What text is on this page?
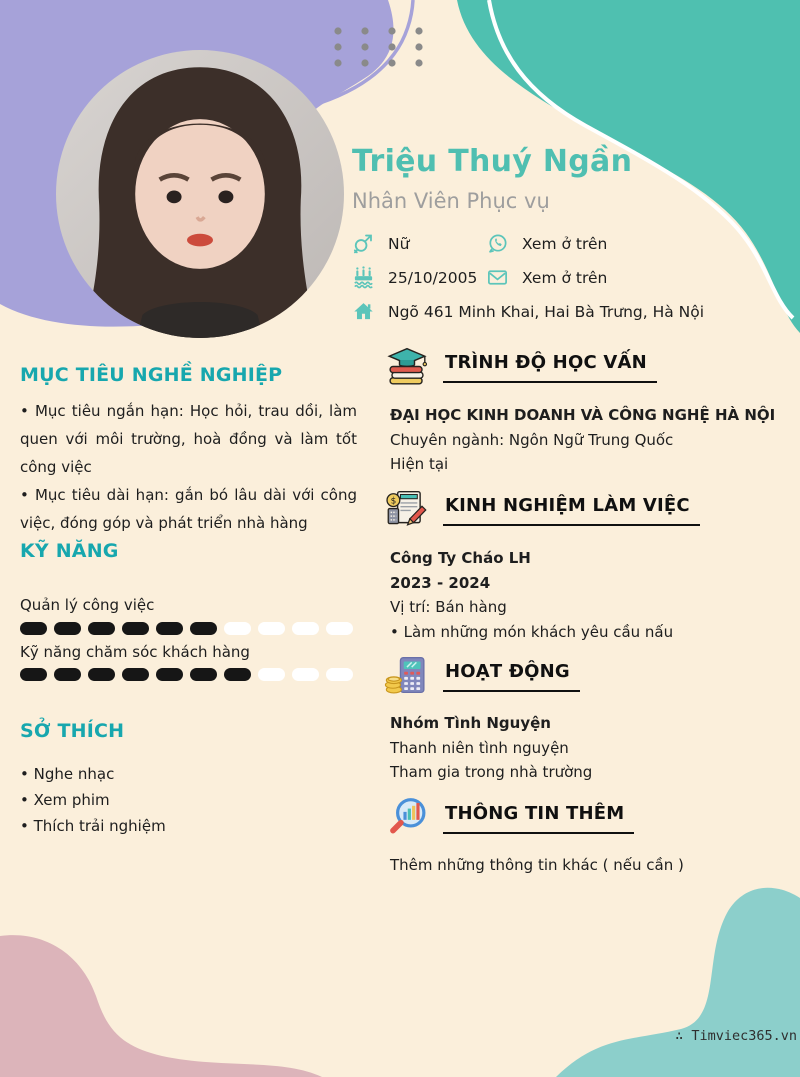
Triệu Thuý Ngần
Nhân Viên Phục vụ
Nữ	Xem ở trên
25/10/2005	Xem ở trên
Ngõ 461 Minh Khai, Hai Bà Trưng, Hà Nội
MỤC TIÊU NGHỀ NGHIỆP

• Mục tiêu ngắn hạn: Học hỏi, trau dồi, làm quen với môi trường, hoà đồng và làm tốt công việc

• Mục tiêu dài hạn: gắn bó lâu dài với công việc, đóng góp và phát triển nhà hàng

KỸ NĂNG
Quản lý công việc
Kỹ năng chăm sóc khách hàng
SỞ THÍCH
• Nghe nhạc
• Xem phim
• Thích trải nghiệm
TRÌNH ĐỘ HỌC VẤN
ĐẠI HỌC KINH DOANH VÀ CÔNG NGHỆ HÀ NỘI
Chuyên ngành: Ngôn Ngữ Trung Quốc
Hiện tại
$	KINH NGHIỆM LÀM VIỆC
Công Ty Cháo LH
2023 - 2024
Vị trí: Bán hàng
• Làm những món khách yêu cầu nấu
HOẠT ĐỘNG
Nhóm Tình Nguyện
Thanh niên tình nguyện
Tham gia trong nhà trường
THÔNG TIN THÊM
Thêm những thông tin khác ( nếu cần )
∴ Timviec365.vn
